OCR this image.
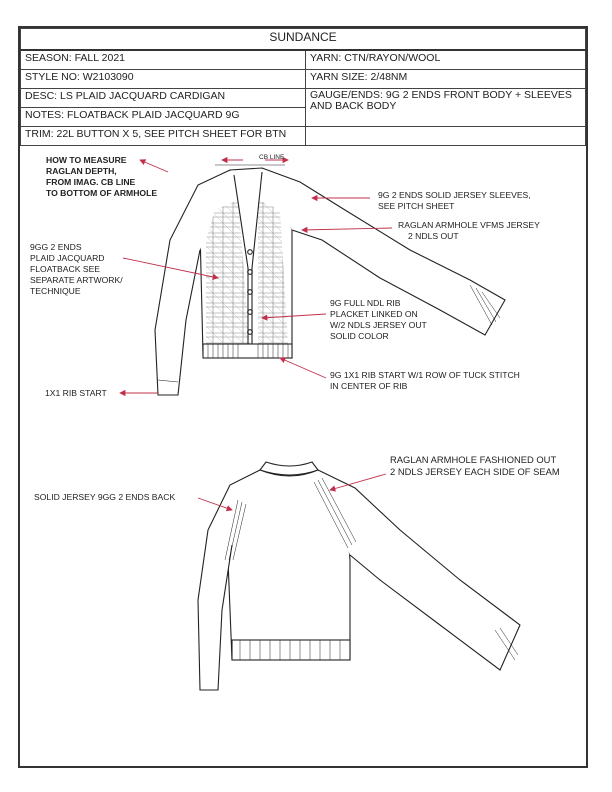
SUNDANCE	
SEASON: FALL 2021	YARN: CTN/RAYON/WOOL
STYLE NO: W2103090	YARN SIZE: 2/48NM
DESC: LS PLAID JACQUARD CARDIGAN	GAUGE/ENDS: 9G 2 ENDS FRONT BODY + SLEEVES AND BACK BODY
NOTES: FLOATBACK PLAID JACQUARD 9G	
TRIM: 22L BUTTON X 5, SEE PITCH SHEET FOR BTN	
HOW TO MEASURE
RAGLAN DEPTH,
FROM IMAG. CB LINE
TO BOTTOM OF ARMHOLE
CB LINE
9G 2 ENDS SOLID JERSEY SLEEVES,
SEE PITCH SHEET
RAGLAN ARMHOLE VFMS JERSEY
2 NDLS OUT
9GG 2 ENDS
PLAID JACQUARD
FLOATBACK SEE
SEPARATE ARTWORK/
TECHNIQUE
9G FULL NDL RIB
PLACKET LINKED ON
W/2 NDLS JERSEY OUT
SOLID COLOR
1X1 RIB START
9G 1X1 RIB START W/1 ROW OF TUCK STITCH
IN CENTER OF RIB
RAGLAN ARMHOLE FASHIONED OUT
2 NDLS JERSEY EACH SIDE OF SEAM
SOLID JERSEY 9GG 2 ENDS BACK
